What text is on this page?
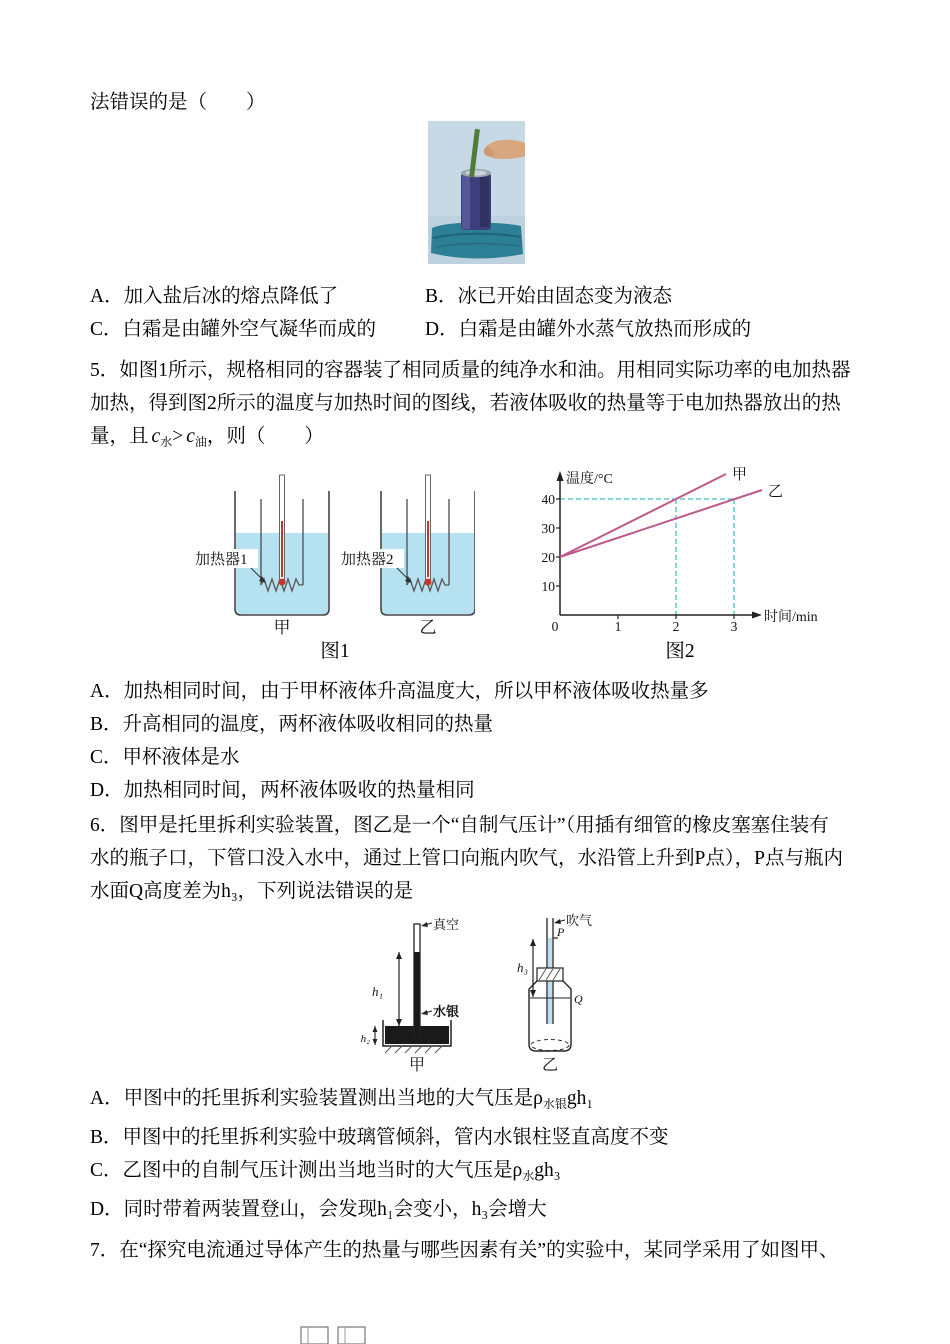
法错误的是（　　）
A．加入盐后冰的熔点降低了	B．冰已开始由固态变为液态
C．白霜是由罐外空气凝华而成的	D．白霜是由罐外水蒸气放热而形成的
5．如图1所示，规格相同的容器装了相同质量的纯净水和油。用相同实际功率的电加热器
加热，得到图2所示的温度与加热时间的图线，若液体吸收的热量等于电加热器放出的热
量，且 $c_水> c_油$，则（　　）
加热器1
甲
加热器2
乙
图1
40
30
20
10
0	1	2	3
甲
乙
温度/°C
时间/min
图2
A．加热相同时间，由于甲杯液体升高温度大，所以甲杯液体吸收热量多
B．升高相同的温度，两杯液体吸收相同的热量
C．甲杯液体是水
D．加热相同时间，两杯液体吸收的热量相同
6．图甲是托里拆利实验装置，图乙是一个“自制气压计”（用插有细管的橡皮塞塞住装有
水的瓶子口，下管口没入水中，通过上管口向瓶内吹气，水沿管上升到P点），P点与瓶内
水面Q高度差为h₃，下列说法错误的是
真空
h₁
h₂
水银
甲
吹气
P
h₃
Q
乙
A．甲图中的托里拆利实验装置测出当地的大气压是$\rho_{水银}gh_1$
B．甲图中的托里拆利实验中玻璃管倾斜，管内水银柱竖直高度不变
C．乙图中的自制气压计测出当地当时的大气压是$\rho_水gh_3$
D．同时带着两装置登山，会发现h₁会变小，h₃会增大
7．在“探究电流通过导体产生的热量与哪些因素有关”的实验中，某同学采用了如图甲、
